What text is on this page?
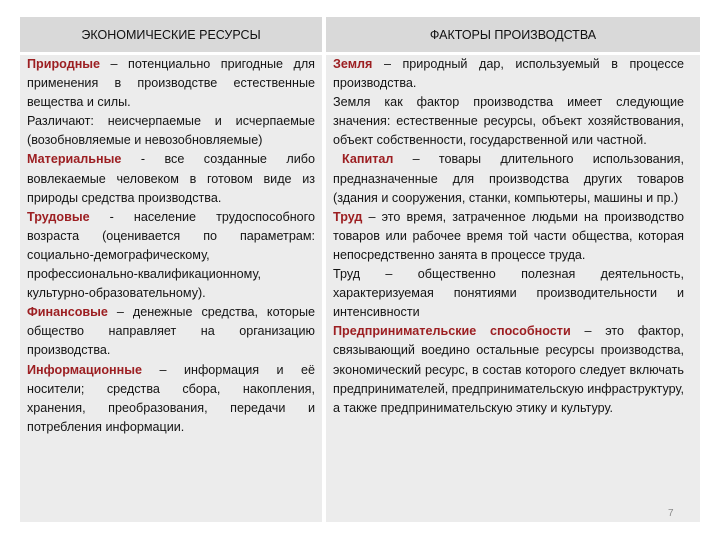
ЭКОНОМИЧЕСКИЕ РЕСУРСЫ	ФАКТОРЫ ПРОИЗВОДСТВА

Природные – потенциально пригодные для применения в производстве естественные вещества и силы.

Различают: неисчерпаемые и исчерпаемые (возобновляемые и невозобновляемые)

Материальные - все созданные либо вовлекаемые человеком в готовом виде из природы средства производства.

Трудовые - население трудоспособного возраста (оценивается по параметрам: социально-демографическому, профессионально-квалификационному, культурно-образовательному).

Финансовые – денежные средства, которые общество направляет на организацию производства.

Информационные – информация и её носители; средства сбора, накопления, хранения, преобразования, передачи и потребления информации.

Земля – природный дар, используемый в процессе производства.

Земля как фактор производства имеет следующие значения: естественные ресурсы, объект хозяйствования, объект собственности, государственной или частной.

Капитал – товары длительного использования, предназначенные для производства других товаров (здания и сооружения, станки, компьютеры, машины и пр.)

Труд – это время, затраченное людьми на производство товаров или рабочее время той части общества, которая непосредственно занята в процессе труда.

Труд – общественно полезная деятельность, характеризуемая понятиями производительности и интенсивности

Предпринимательские способности – это фактор, связывающий воедино остальные ресурсы производства, экономический ресурс, в состав которого следует включать предпринимателей, предпринимательскую инфраструктуру, а также предпринимательскую этику и культуру.

7
